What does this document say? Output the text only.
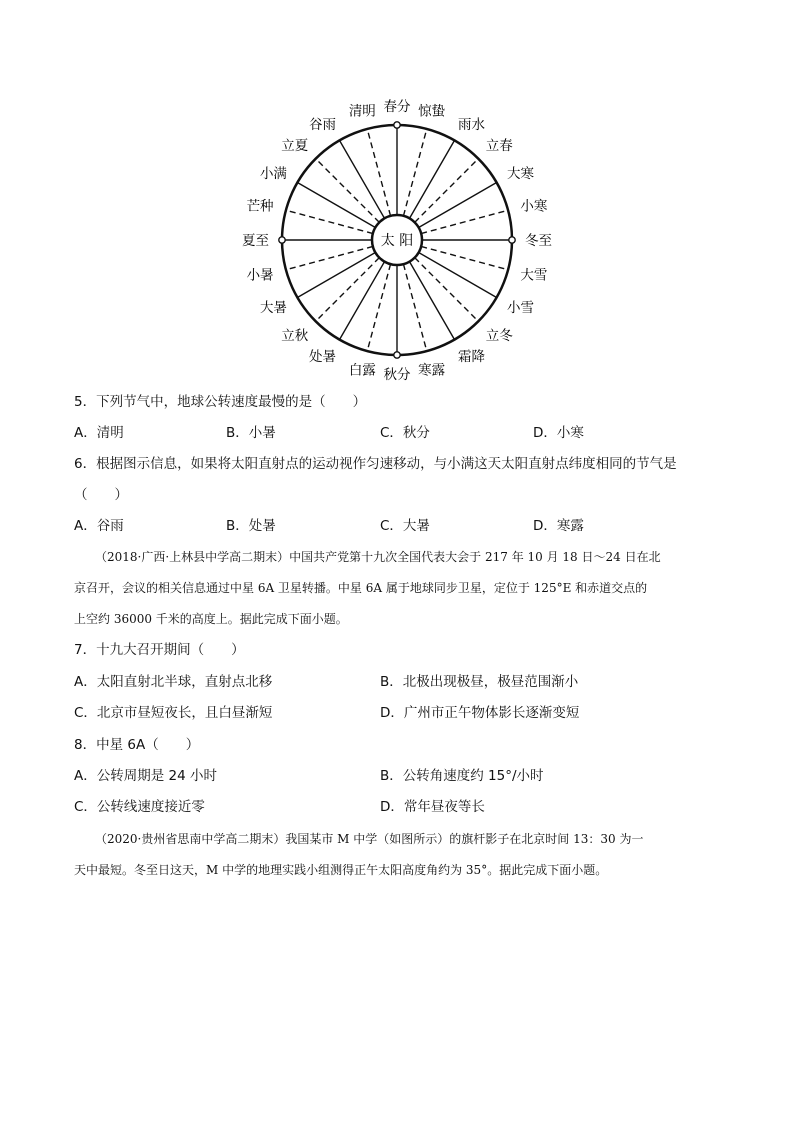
太 阳	冬至
小寒
大寒
立春
雨水
惊蛰
春分
清明
谷雨
立夏
小满
芒种
夏至
小暑
大暑
立秋
处暑
白露 秋分 寒露
霜降
立冬
小雪
大雪
5．下列节气中，地球公转速度最慢的是（　　）
A．清明	B．小暑	C．秋分	D．小寒
6．根据图示信息，如果将太阳直射点的运动视作匀速移动，与小满这天太阳直射点纬度相同的节气是
（　　）
A．谷雨	B．处暑	C．大暑	D．寒露
（2018·广西·上林县中学高二期末）中国共产党第十九次全国代表大会于 217 年 10 月 18 日～24 日在北
京召开，会议的相关信息通过中星 6A 卫星转播。中星 6A 属于地球同步卫星，定位于 125°E 和赤道交点的
上空约 36000 千米的高度上。据此完成下面小题。
7．十九大召开期间（　　）
A．太阳直射北半球，直射点北移	B．北极出现极昼，极昼范围渐小
C．北京市昼短夜长，且白昼渐短	D．广州市正午物体影长逐渐变短
8．中星 6A（　　）
A．公转周期是 24 小时	B．公转角速度约 15°/小时
C．公转线速度接近零	D．常年昼夜等长
（2020·贵州省思南中学高二期末）我国某市 M 中学（如图所示）的旗杆影子在北京时间 13：30 为一
天中最短。冬至日这天，M 中学的地理实践小组测得正午太阳高度角约为 35°。据此完成下面小题。
